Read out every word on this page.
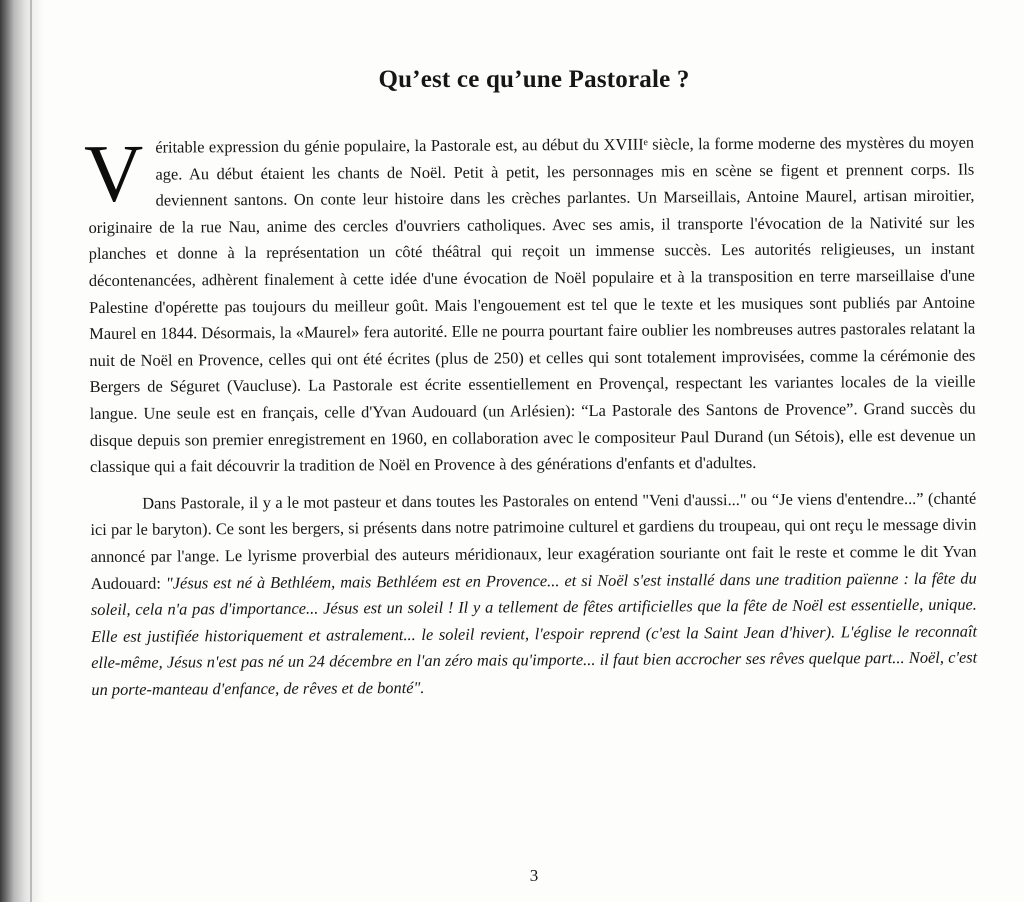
Qu’est ce qu’une Pastorale ?

Véritable expression du génie populaire, la Pastorale est, au début du XVIIIᵉ siècle, la forme moderne des mystères du moyen age. Au début étaient les chants de Noël. Petit à petit, les personnages mis en scène se figent et prennent corps. Ils deviennent santons. On conte leur histoire dans les crèches parlantes. Un Marseillais, Antoine Maurel, artisan miroitier, originaire de la rue Nau, anime des cercles d'ouvriers catholiques. Avec ses amis, il transporte l'évocation de la Nativité sur les planches et donne à la représentation un côté théâtral qui reçoit un immense succès. Les autorités religieuses, un instant décontenancées, adhèrent finalement à cette idée d'une évocation de Noël populaire et à la transposition en terre marseillaise d'une Palestine d'opérette pas toujours du meilleur goût. Mais l'engouement est tel que le texte et les musiques sont publiés par Antoine Maurel en 1844. Désormais, la «Maurel» fera autorité. Elle ne pourra pourtant faire oublier les nombreuses autres pastorales relatant la nuit de Noël en Provence, celles qui ont été écrites (plus de 250) et celles qui sont totalement improvisées, comme la cérémonie des Bergers de Séguret (Vaucluse). La Pastorale est écrite essentiellement en Provençal, respectant les variantes locales de la vieille langue. Une seule est en français, celle d'Yvan Audouard (un Arlésien): “La Pastorale des Santons de Provence”. Grand succès du disque depuis son premier enregistrement en 1960, en collaboration avec le compositeur Paul Durand (un Sétois), elle est devenue un classique qui a fait découvrir la tradition de Noël en Provence à des générations d'enfants et d'adultes.

Dans Pastorale, il y a le mot pasteur et dans toutes les Pastorales on entend "Veni d'aussi..." ou “Je viens d'entendre...” (chanté ici par le baryton). Ce sont les bergers, si présents dans notre patrimoine culturel et gardiens du troupeau, qui ont reçu le message divin annoncé par l'ange. Le lyrisme proverbial des auteurs méridionaux, leur exagération souriante ont fait le reste et comme le dit Yvan Audouard: "Jésus est né à Bethléem, mais Bethléem est en Provence... et si Noël s'est installé dans une tradition païenne : la fête du soleil, cela n'a pas d'importance... Jésus est un soleil ! Il y a tellement de fêtes artificielles que la fête de Noël est essentielle, unique. Elle est justifiée historiquement et astralement... le soleil revient, l'espoir reprend (c'est la Saint Jean d'hiver). L'église le reconnaît elle-même, Jésus n'est pas né un 24 décembre en l'an zéro mais qu'importe... il faut bien accrocher ses rêves quelque part... Noël, c'est un porte-manteau d'enfance, de rêves et de bonté".

3
